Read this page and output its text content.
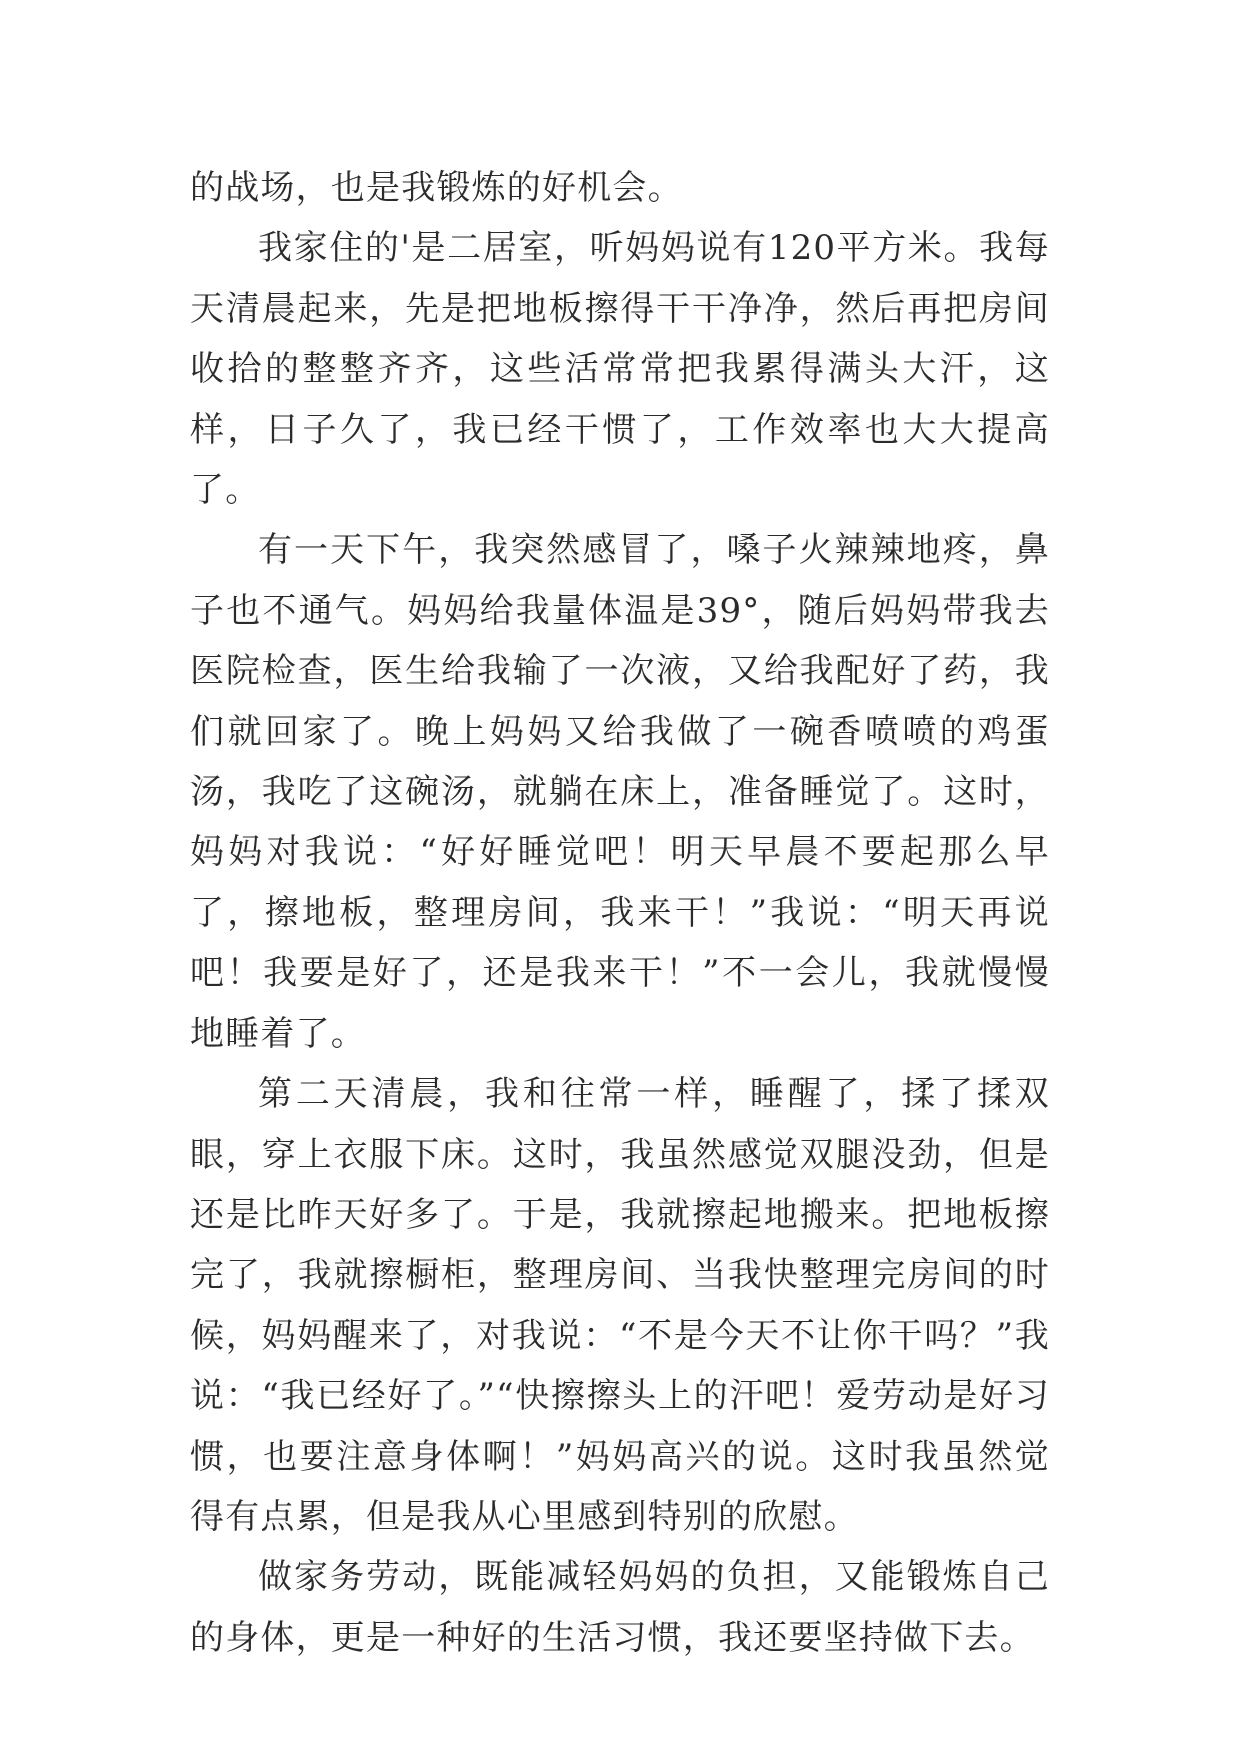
的战场，也是我锻炼的好机会。

我家住的'是二居室，听妈妈说有120平方米。我每天清晨起来，先是把地板擦得干干净净，然后再把房间收拾的整整齐齐，这些活常常把我累得满头大汗，这样，日子久了，我已经干惯了，工作效率也大大提高了。

有一天下午，我突然感冒了，嗓子火辣辣地疼，鼻子也不通气。妈妈给我量体温是39°，随后妈妈带我去医院检查，医生给我输了一次液，又给我配好了药，我们就回家了。晚上妈妈又给我做了一碗香喷喷的鸡蛋汤，我吃了这碗汤，就躺在床上，准备睡觉了。这时，妈妈对我说：“好好睡觉吧！明天早晨不要起那么早了，擦地板，整理房间，我来干！”我说：“明天再说吧！我要是好了，还是我来干！”不一会儿，我就慢慢地睡着了。

第二天清晨，我和往常一样，睡醒了，揉了揉双眼，穿上衣服下床。这时，我虽然感觉双腿没劲，但是还是比昨天好多了。于是，我就擦起地搬来。把地板擦完了，我就擦橱柜，整理房间、当我快整理完房间的时候，妈妈醒来了，对我说：“不是今天不让你干吗？”我说：“我已经好了。”“快擦擦头上的汗吧！爱劳动是好习惯，也要注意身体啊！”妈妈高兴的说。这时我虽然觉得有点累，但是我从心里感到特别的欣慰。

做家务劳动，既能减轻妈妈的负担，又能锻炼自己的身体，更是一种好的生活习惯，我还要坚持做下去。
